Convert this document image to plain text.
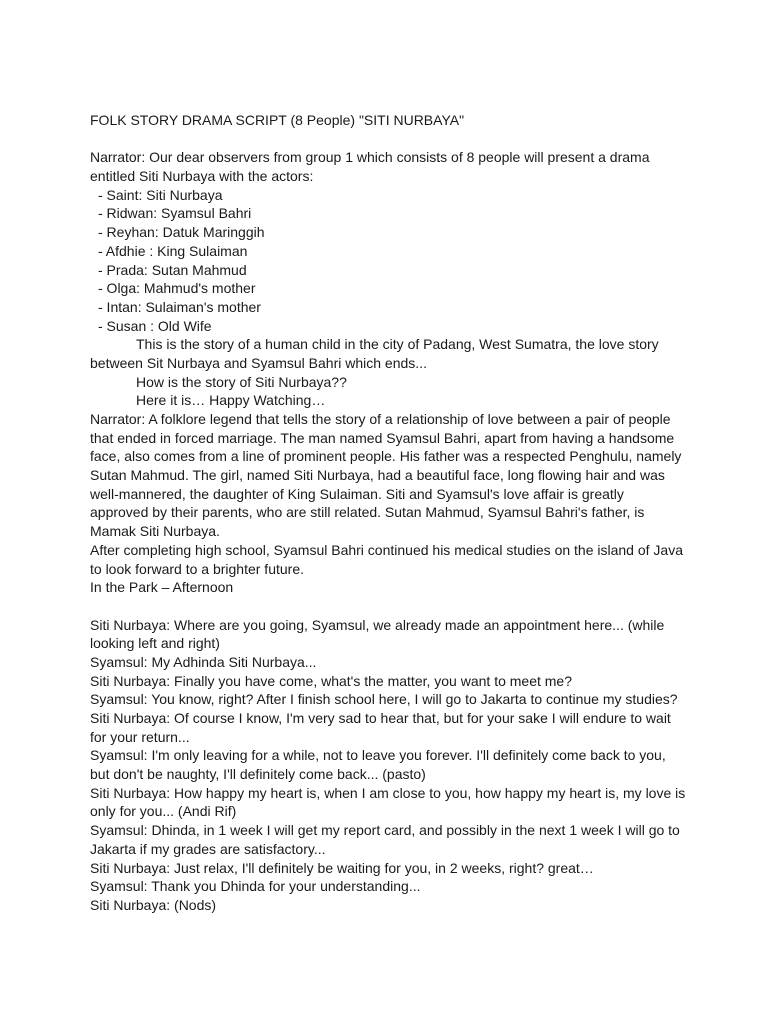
FOLK STORY DRAMA SCRIPT (8 People) "SITI NURBAYA"
Narrator: Our dear observers from group 1 which consists of 8 people will present a drama
entitled Siti Nurbaya with the actors:
- Saint: Siti Nurbaya
- Ridwan: Syamsul Bahri
- Reyhan: Datuk Maringgih
- Afdhie : King Sulaiman
- Prada: Sutan Mahmud
- Olga: Mahmud's mother
- Intan: Sulaiman's mother
- Susan : Old Wife
This is the story of a human child in the city of Padang, West Sumatra, the love story
between Sit Nurbaya and Syamsul Bahri which ends...
How is the story of Siti Nurbaya??
Here it is… Happy Watching…
Narrator: A folklore legend that tells the story of a relationship of love between a pair of people
that ended in forced marriage. The man named Syamsul Bahri, apart from having a handsome
face, also comes from a line of prominent people. His father was a respected Penghulu, namely
Sutan Mahmud. The girl, named Siti Nurbaya, had a beautiful face, long flowing hair and was
well-mannered, the daughter of King Sulaiman. Siti and Syamsul's love affair is greatly
approved by their parents, who are still related. Sutan Mahmud, Syamsul Bahri's father, is
Mamak Siti Nurbaya.
After completing high school, Syamsul Bahri continued his medical studies on the island of Java
to look forward to a brighter future.
In the Park – Afternoon
Siti Nurbaya: Where are you going, Syamsul, we already made an appointment here... (while
looking left and right)
Syamsul: My Adhinda Siti Nurbaya...
Siti Nurbaya: Finally you have come, what's the matter, you want to meet me?
Syamsul: You know, right? After I finish school here, I will go to Jakarta to continue my studies?
Siti Nurbaya: Of course I know, I'm very sad to hear that, but for your sake I will endure to wait
for your return...
Syamsul: I'm only leaving for a while, not to leave you forever. I'll definitely come back to you,
but don't be naughty, I'll definitely come back... (pasto)
Siti Nurbaya: How happy my heart is, when I am close to you, how happy my heart is, my love is
only for you... (Andi Rif)
Syamsul: Dhinda, in 1 week I will get my report card, and possibly in the next 1 week I will go to
Jakarta if my grades are satisfactory...
Siti Nurbaya: Just relax, I'll definitely be waiting for you, in 2 weeks, right? great…
Syamsul: Thank you Dhinda for your understanding...
Siti Nurbaya: (Nods)
